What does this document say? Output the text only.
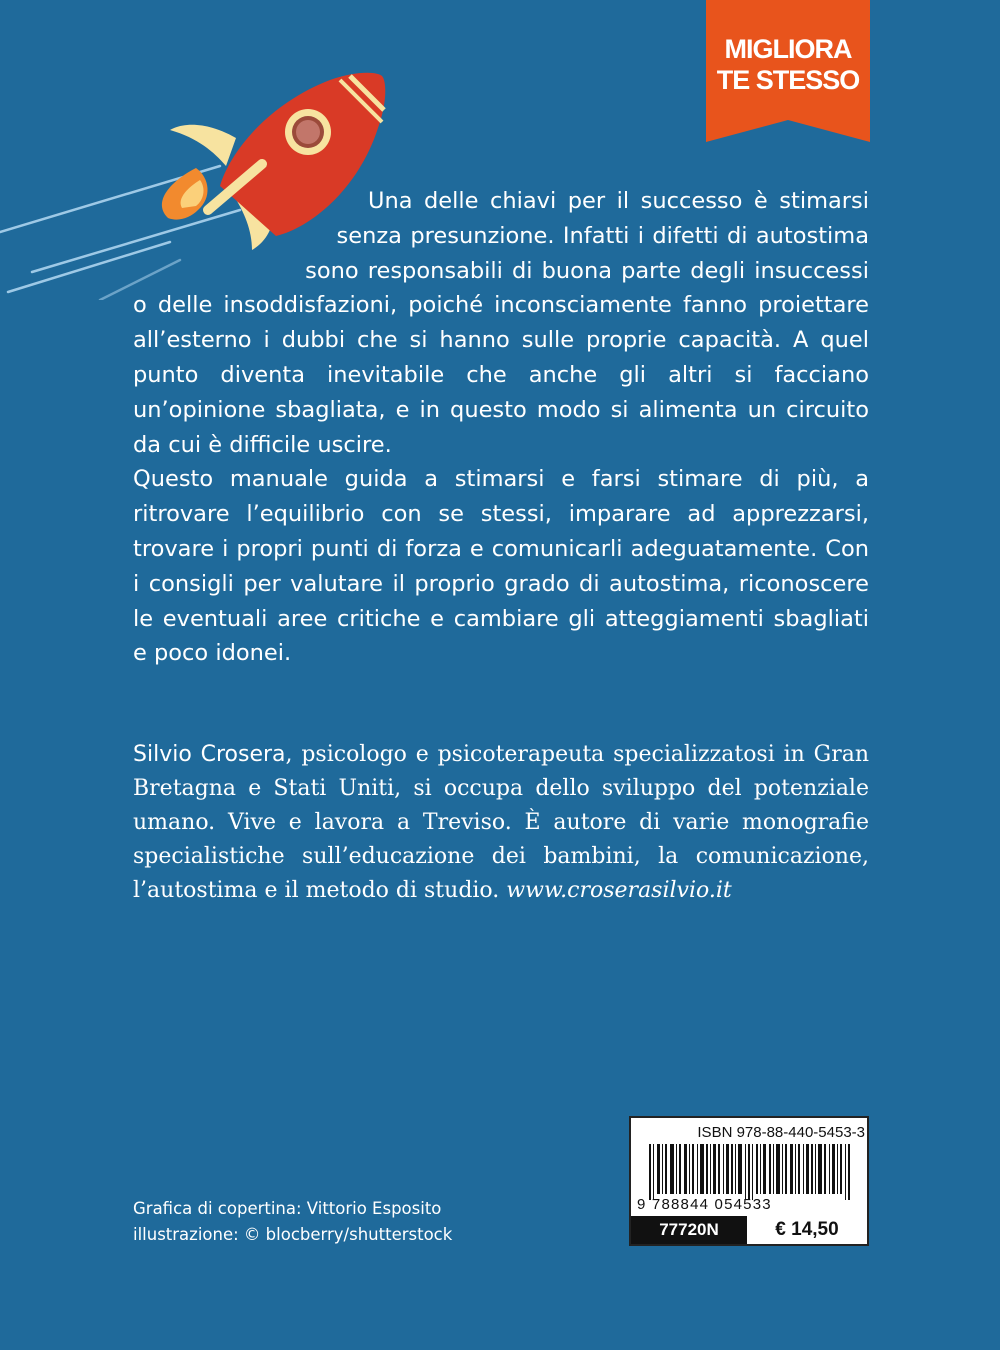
MIGLIORA
TE STESSO

Una delle chiavi per il successo è stimarsi senza presunzione. Infatti i difetti di autostima sono responsabili di buona parte degli insuccessi o delle insoddisfazioni, poiché inconsciamente fanno proiettare all’esterno i dubbi che si hanno sulle proprie capacità. A quel punto diventa inevitabile che anche gli altri si facciano un’opinione sbagliata, e in questo modo si alimenta un circuito da cui è difficile uscire.

Questo manuale guida a stimarsi e farsi stimare di più, a ritrovare l’equilibrio con se stessi, imparare ad apprezzarsi, trovare i propri punti di forza e comunicarli adeguatamente. Con i consigli per valutare il proprio grado di autostima, riconoscere le eventuali aree critiche e cambiare gli atteggiamenti sbagliati e poco idonei.

Silvio Crosera, psicologo e psicoterapeuta specializzatosi in Gran Bretagna e Stati Uniti, si occupa dello sviluppo del potenziale umano. Vive e lavora a Treviso. È autore di varie monografie specialistiche sull’educazione dei bambini, la comunicazione, l’autostima e il metodo di studio. www.croserasilvio.it
Grafica di copertina: Vittorio Esposito
illustrazione: © blocberry/shutterstock
ISBN 978-88-440-5453-3
9 788844 054533
77720N	€ 14,50
